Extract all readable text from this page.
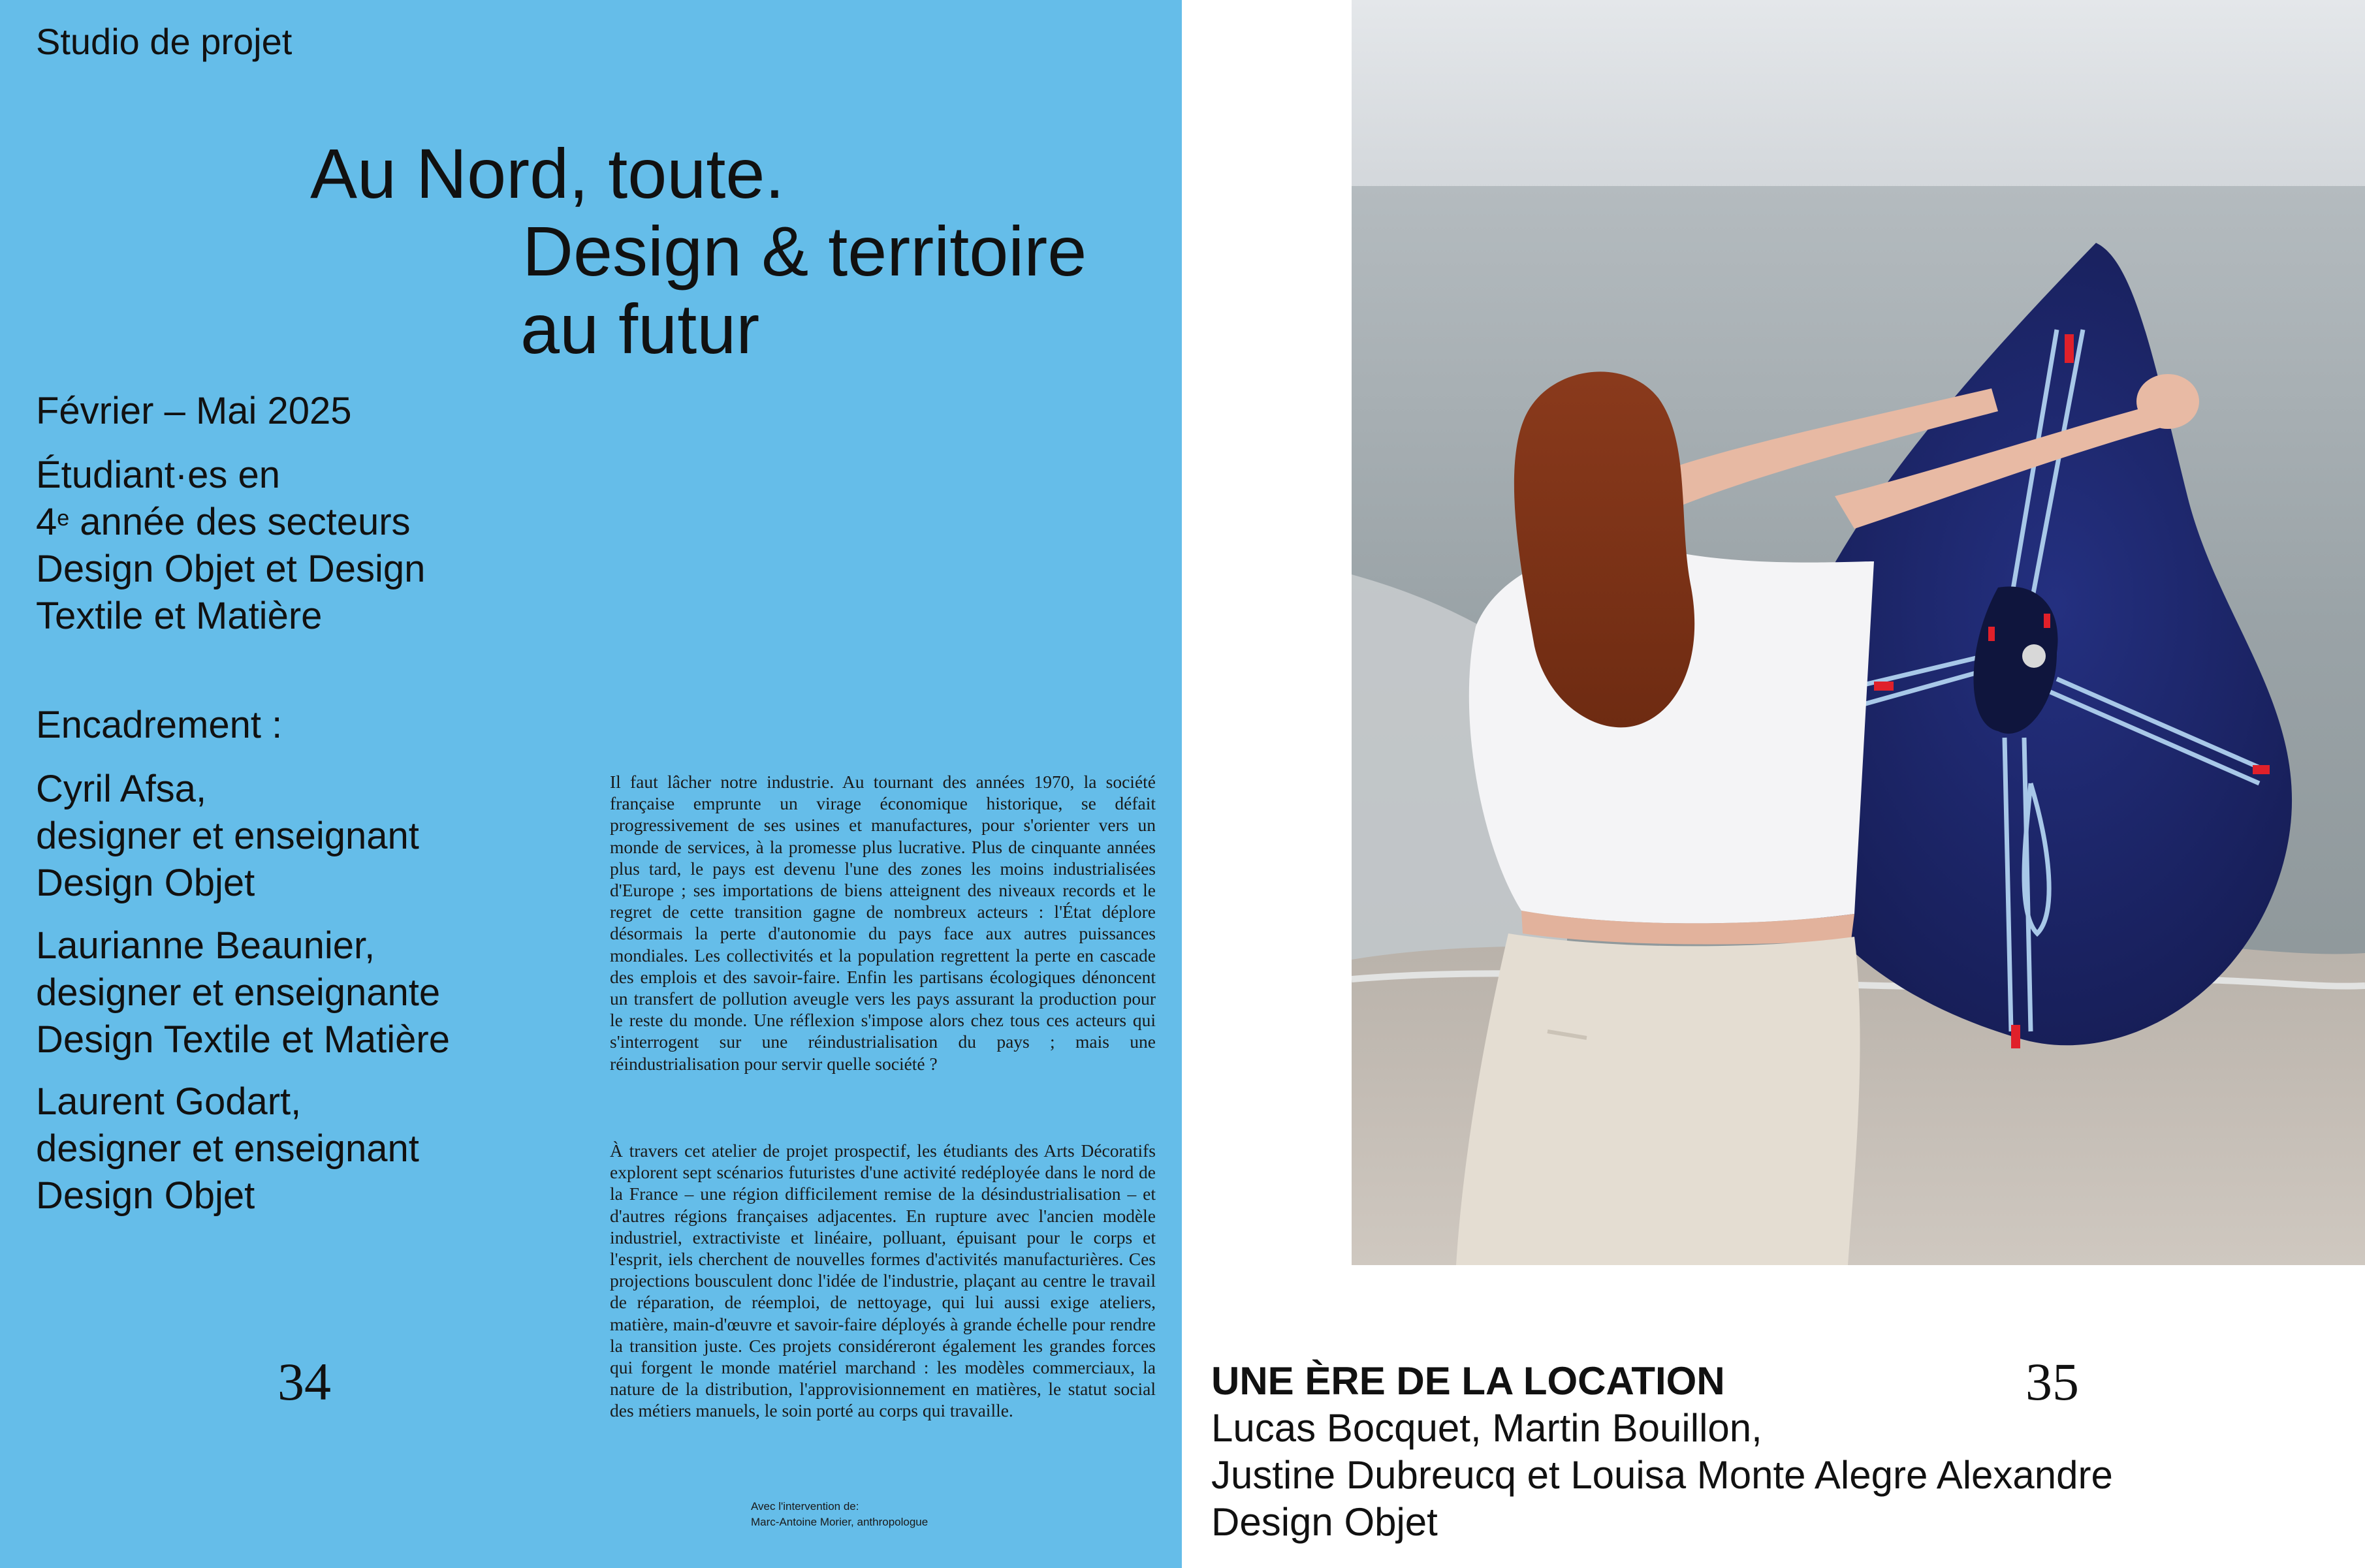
Studio de projet

Au Nord, toute.

Design & territoire

au futur

Février – Mai 2025

Étudiant·es en
4e année des secteurs
Design Objet et Design
Textile et Matière

Encadrement :

Cyril Afsa,
designer et enseignant
Design Objet
Laurianne Beaunier,
designer et enseignante
Design Textile et Matière
Laurent Godart,
designer et enseignant
Design Objet

Il faut lâcher notre industrie. Au tournant des années 1970, la société française emprunte un virage économique historique, se défait progressivement de ses usines et manufactures, pour s'orienter vers un monde de services, à la promesse plus lucrative. Plus de cinquante années plus tard, le pays est devenu l'une des zones les moins industrialisées d'Europe ; ses importations de biens atteignent des niveaux records et le regret de cette transition gagne de nombreux acteurs : l'État déplore désormais la perte d'autonomie du pays face aux autres puissances mondiales. Les collectivités et la population regrettent la perte en cascade des emplois et des savoir-faire. Enfin les partisans écologiques dénoncent un transfert de pollution aveugle vers les pays assurant la production pour le reste du monde. Une réflexion s'impose alors chez tous ces acteurs qui s'interrogent sur une réindustrialisation du pays ; mais une réindustrialisation pour servir quelle société ?

À travers cet atelier de projet prospectif, les étudiants des Arts Décoratifs explorent sept scénarios futuristes d'une activité redéployée dans le nord de la France – une région difficilement remise de la désindustrialisation – et d'autres régions françaises adjacentes. En rupture avec l'ancien modèle industriel, extractiviste et linéaire, polluant, épuisant pour le corps et l'esprit, iels cherchent de nouvelles formes d'activités manufacturières. Ces projections bousculent donc l'idée de l'industrie, plaçant au centre le travail de réparation, de réemploi, de nettoyage, qui lui aussi exige ateliers, matière, main-d'œuvre et savoir-faire déployés à grande échelle pour rendre la transition juste. Ces projets considéreront également les grandes forces qui forgent le monde matériel marchand : les modèles commerciaux, la nature de la distribution, l'approvisionnement en matières, le statut social des métiers manuels, le soin porté au corps qui travaille.

Avec l'intervention de:
Marc-Antoine Morier, anthropologue

34	UNE ÈRE DE LA LOCATION

Lucas Bocquet, Martin Bouillon,

Justine Dubreucq et Louisa Monte Alegre Alexandre

Design Objet

35
